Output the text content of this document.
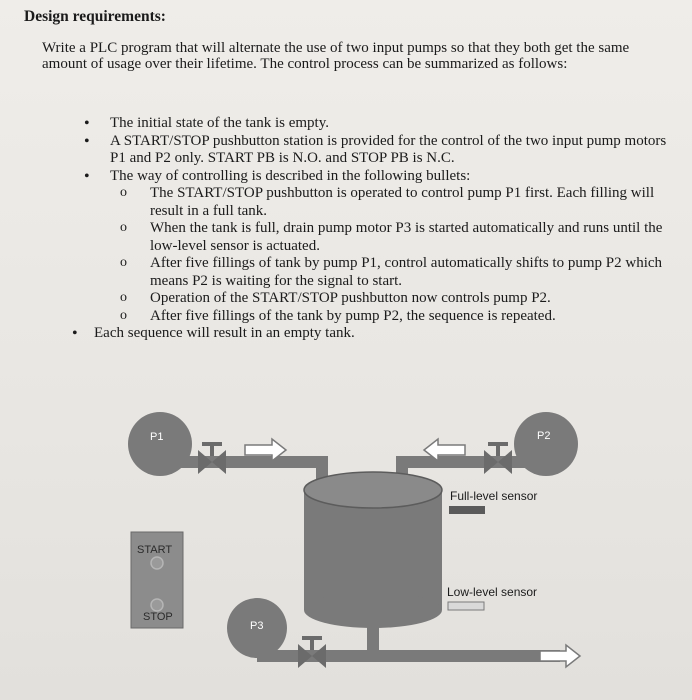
Design requirements:
Write a PLC program that will alternate the use of two input pumps so that they both get the same amount of usage over their lifetime. The control process can be summarized as follows:
• The initial state of the tank is empty.
• A START/STOP pushbutton station is provided for the control of the two input pump motors P1 and P2 only. START PB is N.O. and STOP PB is N.C.
• The way of controlling is described in the following bullets:
o The START/STOP pushbutton is operated to control pump P1 first. Each filling will result in a full tank.
o When the tank is full, drain pump motor P3 is started automatically and runs until the low-level sensor is actuated.
o After five fillings of tank by pump P1, control automatically shifts to pump P2 which means P2 is waiting for the signal to start.
o Operation of the START/STOP pushbutton now controls pump P2.
o After five fillings of the tank by pump P2, the sequence is repeated.
• Each sequence will result in an empty tank.
P1	P2
P3
Full-level sensor
Low-level sensor
START
STOP
